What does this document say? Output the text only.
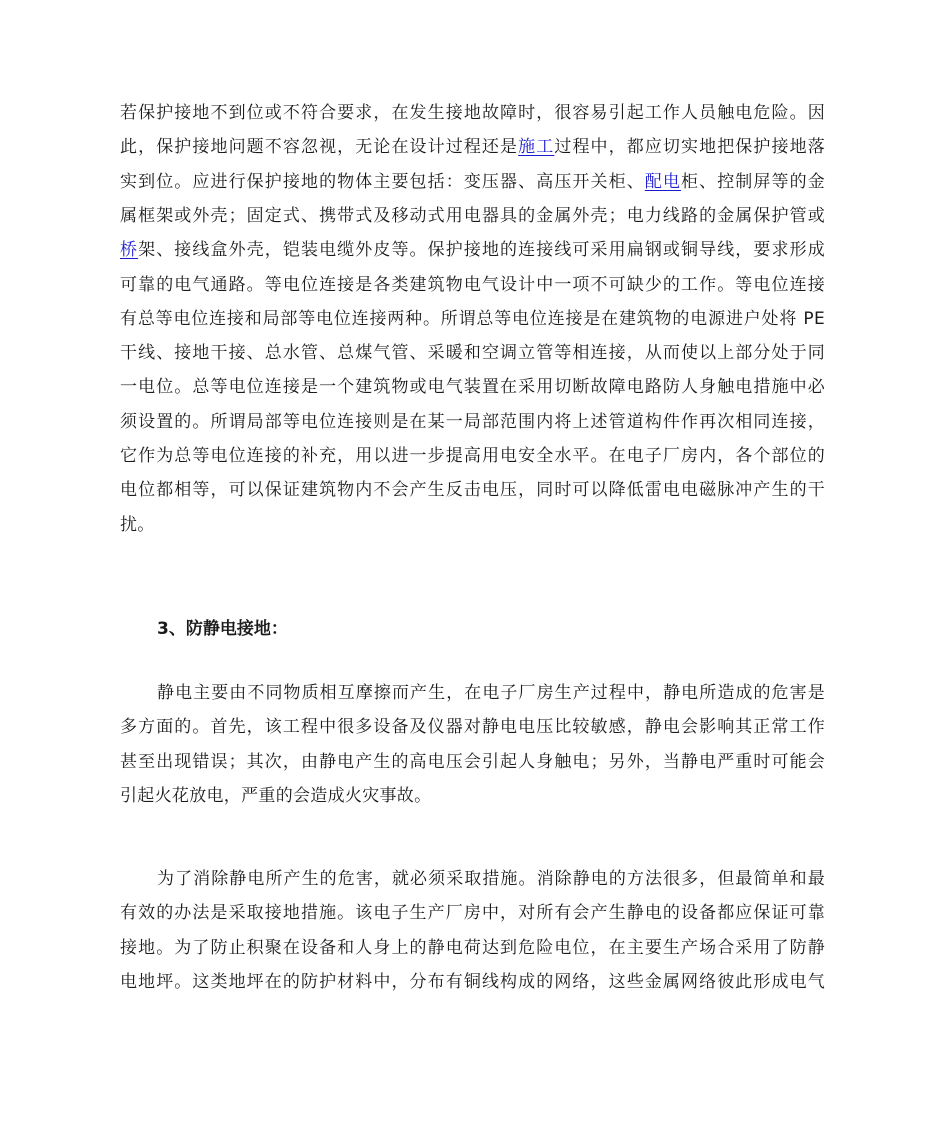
若保护接地不到位或不符合要求，在发生接地故障时，很容易引起工作人员触电危险。因
此，保护接地问题不容忽视，无论在设计过程还是施工过程中，都应切实地把保护接地落
实到位。应进行保护接地的物体主要包括：变压器、高压开关柜、配电柜、控制屏等的金
属框架或外壳；固定式、携带式及移动式用电器具的金属外壳；电力线路的金属保护管或
桥架、接线盒外壳，铠装电缆外皮等。保护接地的连接线可采用扁钢或铜导线，要求形成
可靠的电气通路。等电位连接是各类建筑物电气设计中一项不可缺少的工作。等电位连接
有总等电位连接和局部等电位连接两种。所谓总等电位连接是在建筑物的电源进户处将 PE
干线、接地干接、总水管、总煤气管、采暖和空调立管等相连接，从而使以上部分处于同
一电位。总等电位连接是一个建筑物或电气装置在采用切断故障电路防人身触电措施中必
须设置的。所谓局部等电位连接则是在某一局部范围内将上述管道构件作再次相同连接，
它作为总等电位连接的补充，用以进一步提高用电安全水平。在电子厂房内，各个部位的
电位都相等，可以保证建筑物内不会产生反击电压，同时可以降低雷电电磁脉冲产生的干
扰。
3、防静电接地：
静电主要由不同物质相互摩擦而产生，在电子厂房生产过程中，静电所造成的危害是
多方面的。首先，该工程中很多设备及仪器对静电电压比较敏感，静电会影响其正常工作
甚至出现错误；其次，由静电产生的高电压会引起人身触电；另外，当静电严重时可能会
引起火花放电，严重的会造成火灾事故。
为了消除静电所产生的危害，就必须采取措施。消除静电的方法很多，但最简单和最
有效的办法是采取接地措施。该电子生产厂房中，对所有会产生静电的设备都应保证可靠
接地。为了防止积聚在设备和人身上的静电荷达到危险电位，在主要生产场合采用了防静
电地坪。这类地坪在的防护材料中，分布有铜线构成的网络，这些金属网络彼此形成电气
